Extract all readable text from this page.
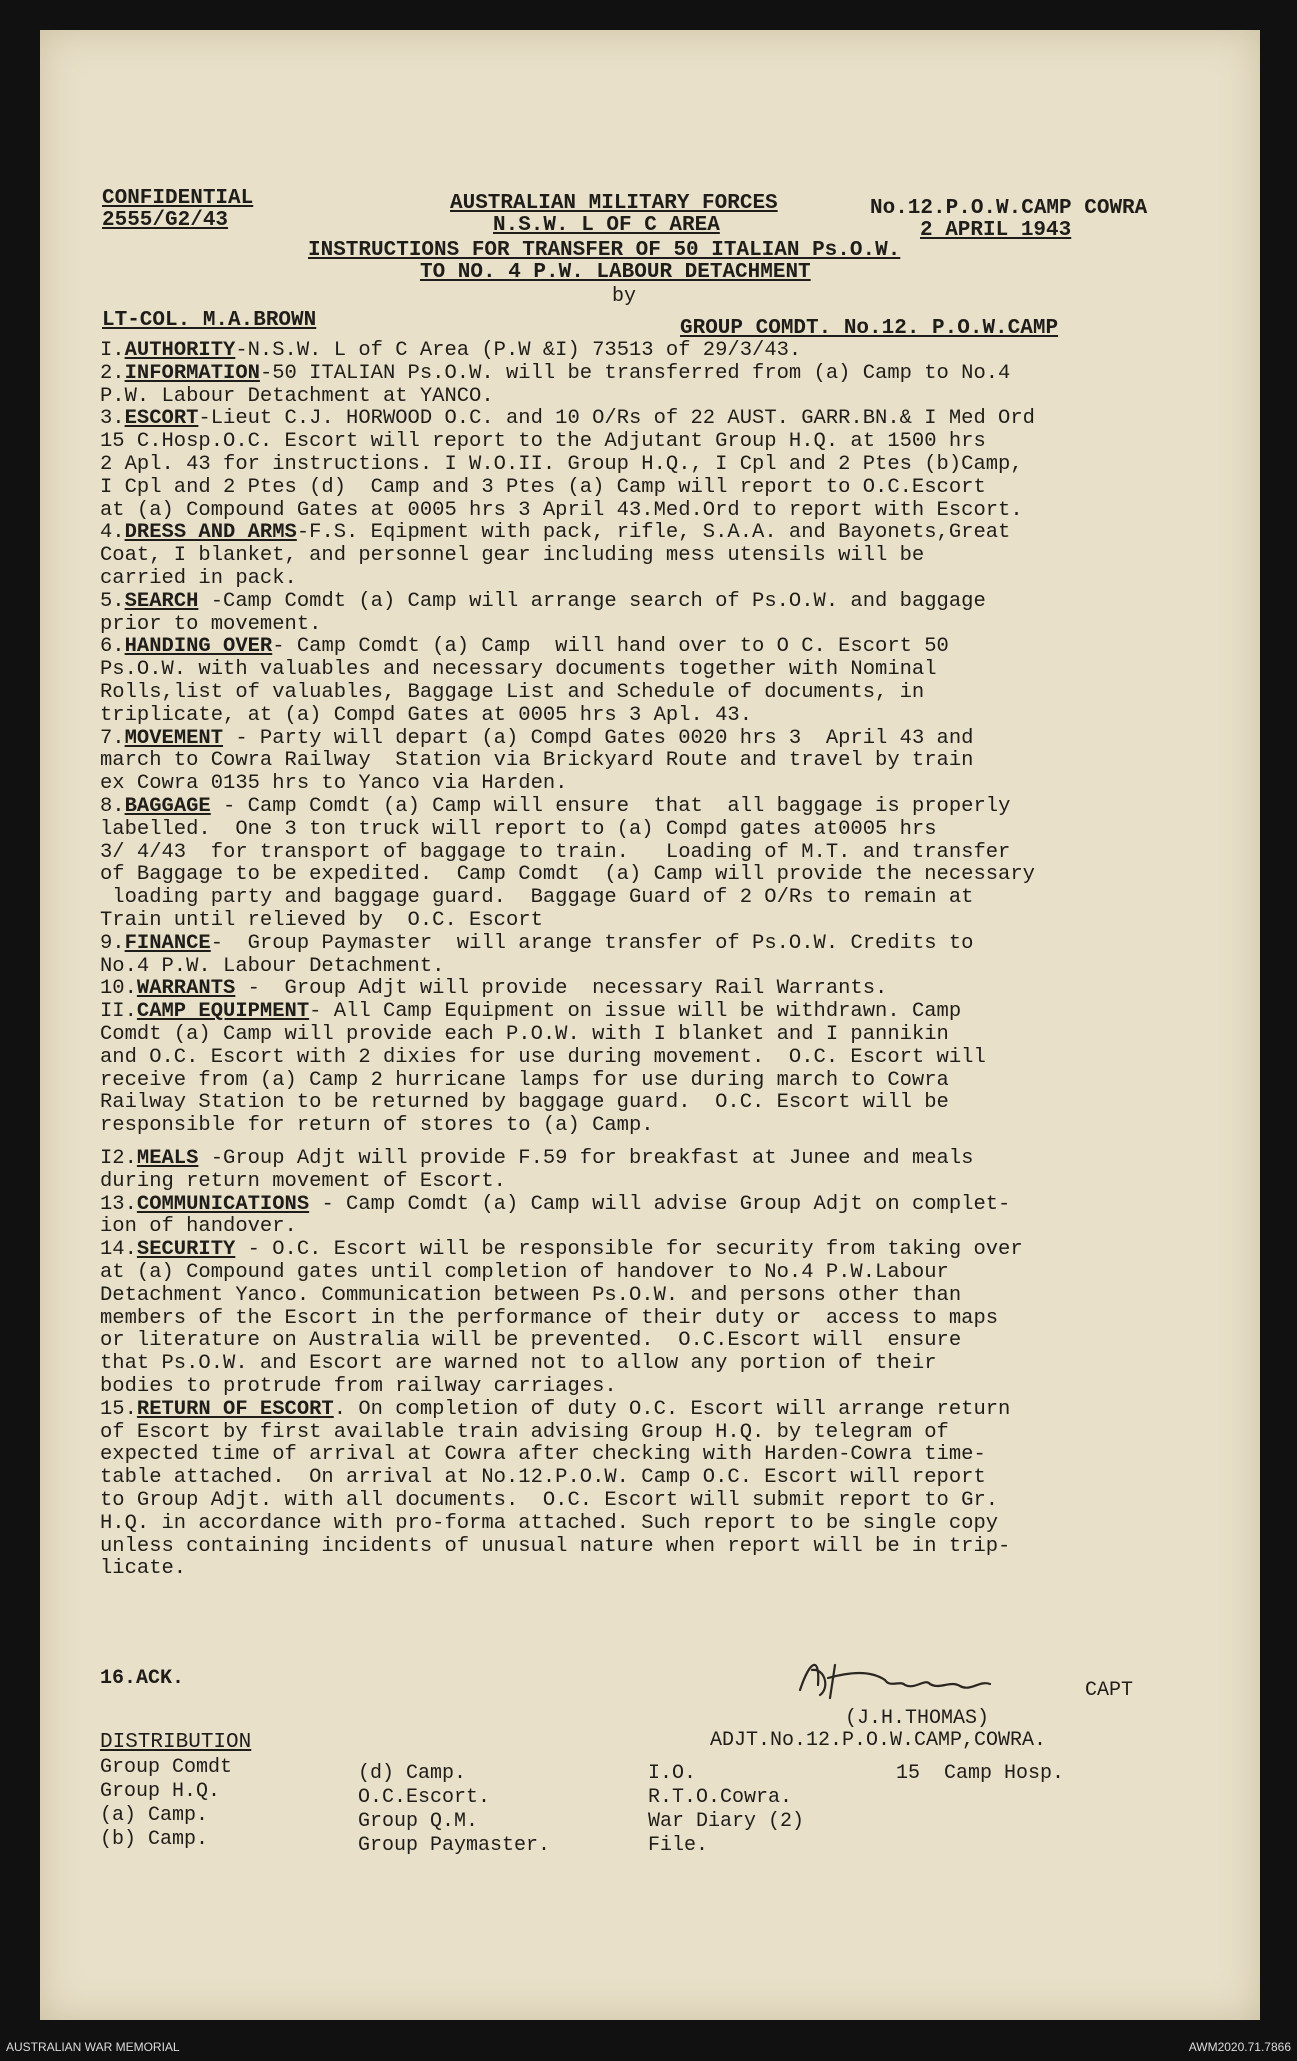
CONFIDENTIAL
2555/G2/43
AUSTRALIAN MILITARY FORCES
N.S.W. L OF C AREA
No.12.P.O.W.CAMP COWRA
2 APRIL 1943
INSTRUCTIONS FOR TRANSFER OF 50 ITALIAN Ps.O.W.
TO NO. 4 P.W. LABOUR DETACHMENT
by
LT-COL. M.A.BROWN	GROUP COMDT. No.12. P.O.W.CAMP
I.AUTHORITY-N.S.W. L of C Area (P.W &I) 73513 of 29/3/43.
2.INFORMATION-50 ITALIAN Ps.O.W. will be transferred from (a) Camp to No.4
P.W. Labour Detachment at YANCO.
3.ESCORT-Lieut C.J. HORWOOD O.C. and 10 O/Rs of 22 AUST. GARR.BN.& I Med Ord
15 C.Hosp.O.C. Escort will report to the Adjutant Group H.Q. at 1500 hrs
2 Apl. 43 for instructions. I W.O.II. Group H.Q., I Cpl and 2 Ptes (b)Camp,
I Cpl and 2 Ptes (d)  Camp and 3 Ptes (a) Camp will report to O.C.Escort
at (a) Compound Gates at 0005 hrs 3 April 43.Med.Ord to report with Escort.
4.DRESS AND ARMS-F.S. Eqipment with pack, rifle, S.A.A. and Bayonets,Great
Coat, I blanket, and personnel gear including mess utensils will be
carried in pack.
5.SEARCH -Camp Comdt (a) Camp will arrange search of Ps.O.W. and baggage
prior to movement.
6.HANDING OVER- Camp Comdt (a) Camp  will hand over to O C. Escort 50
Ps.O.W. with valuables and necessary documents together with Nominal
Rolls,list of valuables, Baggage List and Schedule of documents, in
triplicate, at (a) Compd Gates at 0005 hrs 3 Apl. 43.
7.MOVEMENT - Party will depart (a) Compd Gates 0020 hrs 3  April 43 and
march to Cowra Railway  Station via Brickyard Route and travel by train
ex Cowra 0135 hrs to Yanco via Harden.
8.BAGGAGE - Camp Comdt (a) Camp will ensure  that  all baggage is properly
labelled.  One 3 ton truck will report to (a) Compd gates at0005 hrs
3/ 4/43  for transport of baggage to train.   Loading of M.T. and transfer
of Baggage to be expedited.  Camp Comdt  (a) Camp will provide the necessary
loading party and baggage guard.  Baggage Guard of 2 O/Rs to remain at
Train until relieved by  O.C. Escort
9.FINANCE-  Group Paymaster  will arange transfer of Ps.O.W. Credits to
No.4 P.W. Labour Detachment.
10.WARRANTS -  Group Adjt will provide  necessary Rail Warrants.
II.CAMP EQUIPMENT- All Camp Equipment on issue will be withdrawn. Camp
Comdt (a) Camp will provide each P.O.W. with I blanket and I pannikin
and O.C. Escort with 2 dixies for use during movement.  O.C. Escort will
receive from (a) Camp 2 hurricane lamps for use during march to Cowra
Railway Station to be returned by baggage guard.  O.C. Escort will be
responsible for return of stores to (a) Camp.
I2.MEALS -Group Adjt will provide F.59 for breakfast at Junee and meals
during return movement of Escort.
13.COMMUNICATIONS - Camp Comdt (a) Camp will advise Group Adjt on complet-
ion of handover.
14.SECURITY - O.C. Escort will be responsible for security from taking over
at (a) Compound gates until completion of handover to No.4 P.W.Labour
Detachment Yanco. Communication between Ps.O.W. and persons other than
members of the Escort in the performance of their duty or  access to maps
or literature on Australia will be prevented.  O.C.Escort will  ensure
that Ps.O.W. and Escort are warned not to allow any portion of their
bodies to protrude from railway carriages.
15.RETURN OF ESCORT. On completion of duty O.C. Escort will arrange return
of Escort by first available train advising Group H.Q. by telegram of
expected time of arrival at Cowra after checking with Harden-Cowra time-
table attached.  On arrival at No.12.P.O.W. Camp O.C. Escort will report
to Group Adjt. with all documents.  O.C. Escort will submit report to Gr.
H.Q. in accordance with pro-forma attached. Such report to be single copy
unless containing incidents of unusual nature when report will be in trip-
licate.
16.ACK.
CAPT
(J.H.THOMAS)
ADJT.No.12.P.O.W.CAMP,COWRA.
DISTRIBUTION
Group Comdt
Group H.Q.
(a) Camp.
(b) Camp.
(d) Camp.
O.C.Escort.
Group Q.M.
Group Paymaster.
I.O.
R.T.O.Cowra.
War Diary (2)
File.
15  Camp Hosp.
AUSTRALIAN WAR MEMORIAL	AWM2020.71.7866
